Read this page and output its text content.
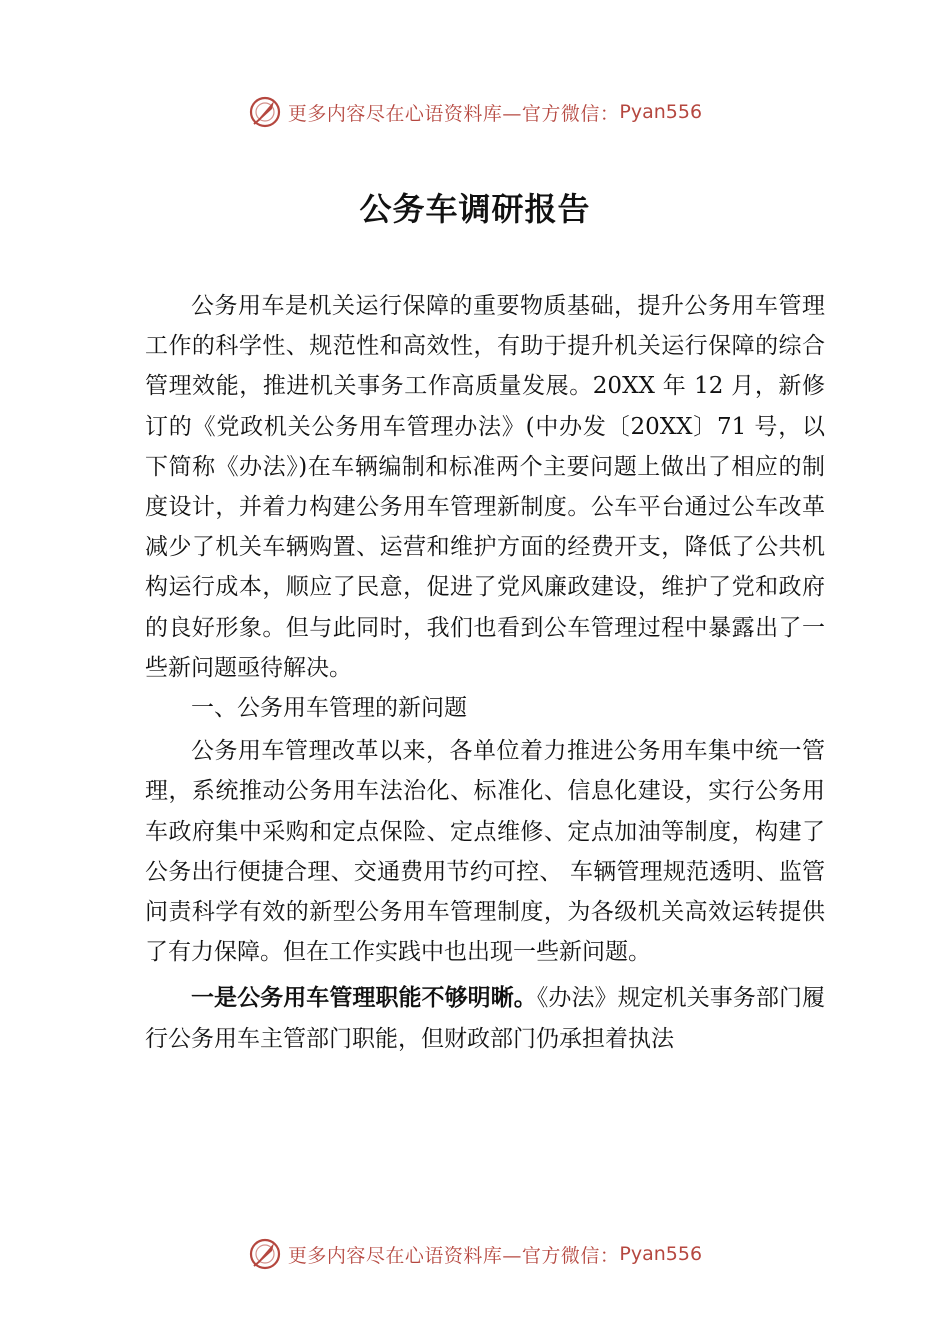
更多内容尽在心语资料库—官方微信： Pyan556
公务车调研报告

公务用车是机关运行保障的重要物质基础，提升公务用车管理工作的科学性、规范性和高效性，有助于提升机关运行保障的综合管理效能，推进机关事务工作高质量发展。20XX 年 12 月，新修订的《党政机关公务用车管理办法》(中办发〔20XX〕71 号，以下简称《办法》)在车辆编制和标准两个主要问题上做出了相应的制度设计，并着力构建公务用车管理新制度。公车平台通过公车改革减少了机关车辆购置、运营和维护方面的经费开支，降低了公共机构运行成本，顺应了民意，促进了党风廉政建设，维护了党和政府的良好形象。但与此同时，我们也看到公车管理过程中暴露出了一些新问题亟待解决。

一、公务用车管理的新问题

公务用车管理改革以来，各单位着力推进公务用车集中统一管理，系统推动公务用车法治化、标准化、信息化建设，实行公务用车政府集中采购和定点保险、定点维修、定点加油等制度，构建了公务出行便捷合理、交通费用节约可控、 车辆管理规范透明、监管问责科学有效的新型公务用车管理制度，为各级机关高效运转提供了有力保障。但在工作实践中也出现一些新问题。

一是公务用车管理职能不够明晰。《办法》规定机关事务部门履行公务用车主管部门职能，但财政部门仍承担着执法

更多内容尽在心语资料库—官方微信： Pyan556
